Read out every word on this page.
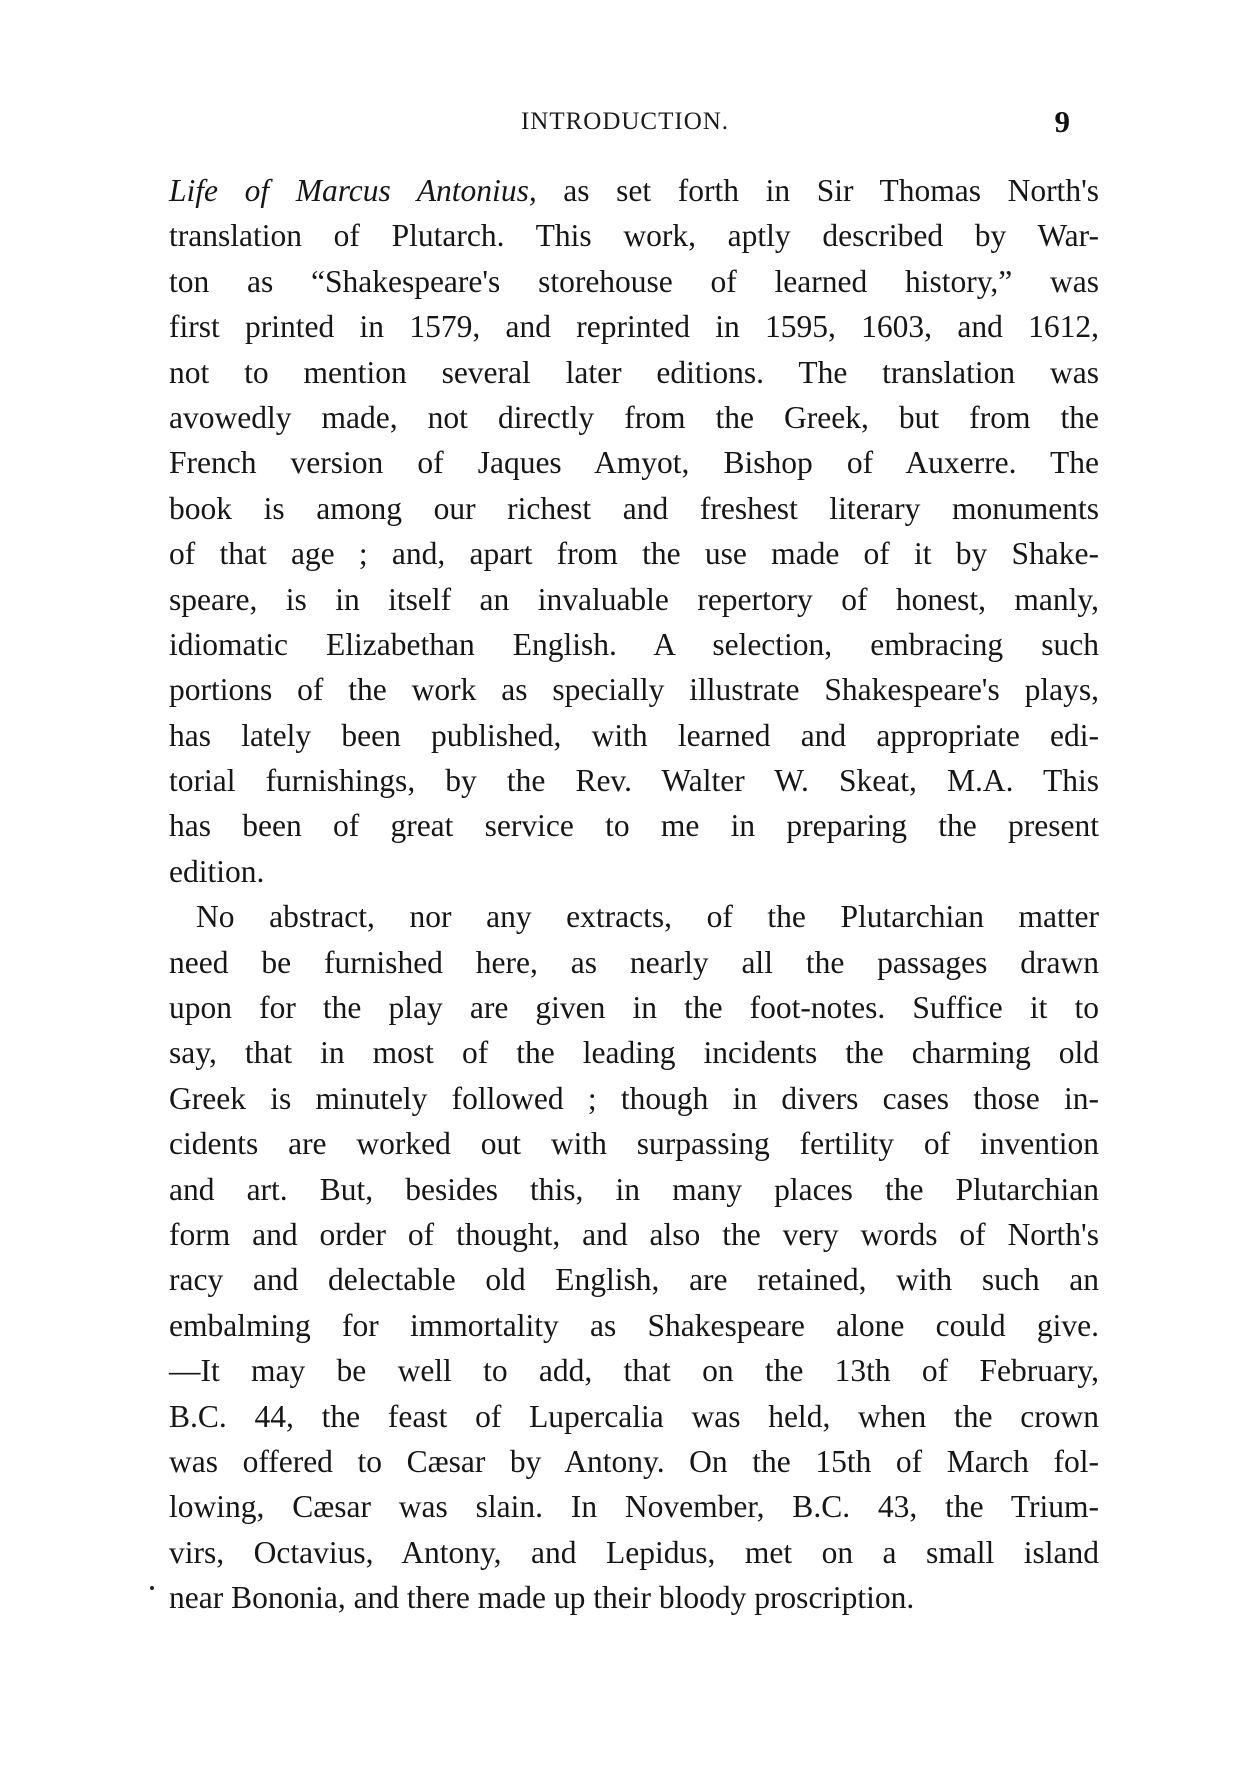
INTRODUCTION.	9
Life of Marcus Antonius, as set forth in Sir Thomas North's
translation of Plutarch. This work, aptly described by War-
ton as “Shakespeare's storehouse of learned history,” was
first printed in 1579, and reprinted in 1595, 1603, and 1612,
not to mention several later editions. The translation was
avowedly made, not directly from the Greek, but from the
French version of Jaques Amyot, Bishop of Auxerre. The
book is among our richest and freshest literary monuments
of that age ; and, apart from the use made of it by Shake-
speare, is in itself an invaluable repertory of honest, manly,
idiomatic Elizabethan English. A selection, embracing such
portions of the work as specially illustrate Shakespeare's plays,
has lately been published, with learned and appropriate edi-
torial furnishings, by the Rev. Walter W. Skeat, M.A. This
has been of great service to me in preparing the present
edition.
No abstract, nor any extracts, of the Plutarchian matter
need be furnished here, as nearly all the passages drawn
upon for the play are given in the foot-notes. Suffice it to
say, that in most of the leading incidents the charming old
Greek is minutely followed ; though in divers cases those in-
cidents are worked out with surpassing fertility of invention
and art. But, besides this, in many places the Plutarchian
form and order of thought, and also the very words of North's
racy and delectable old English, are retained, with such an
embalming for immortality as Shakespeare alone could give.
—It may be well to add, that on the 13th of February,
B.C. 44, the feast of Lupercalia was held, when the crown
was offered to Cæsar by Antony. On the 15th of March fol-
lowing, Cæsar was slain. In November, B.C. 43, the Trium-
virs, Octavius, Antony, and Lepidus, met on a small island
near Bononia, and there made up their bloody proscription.
